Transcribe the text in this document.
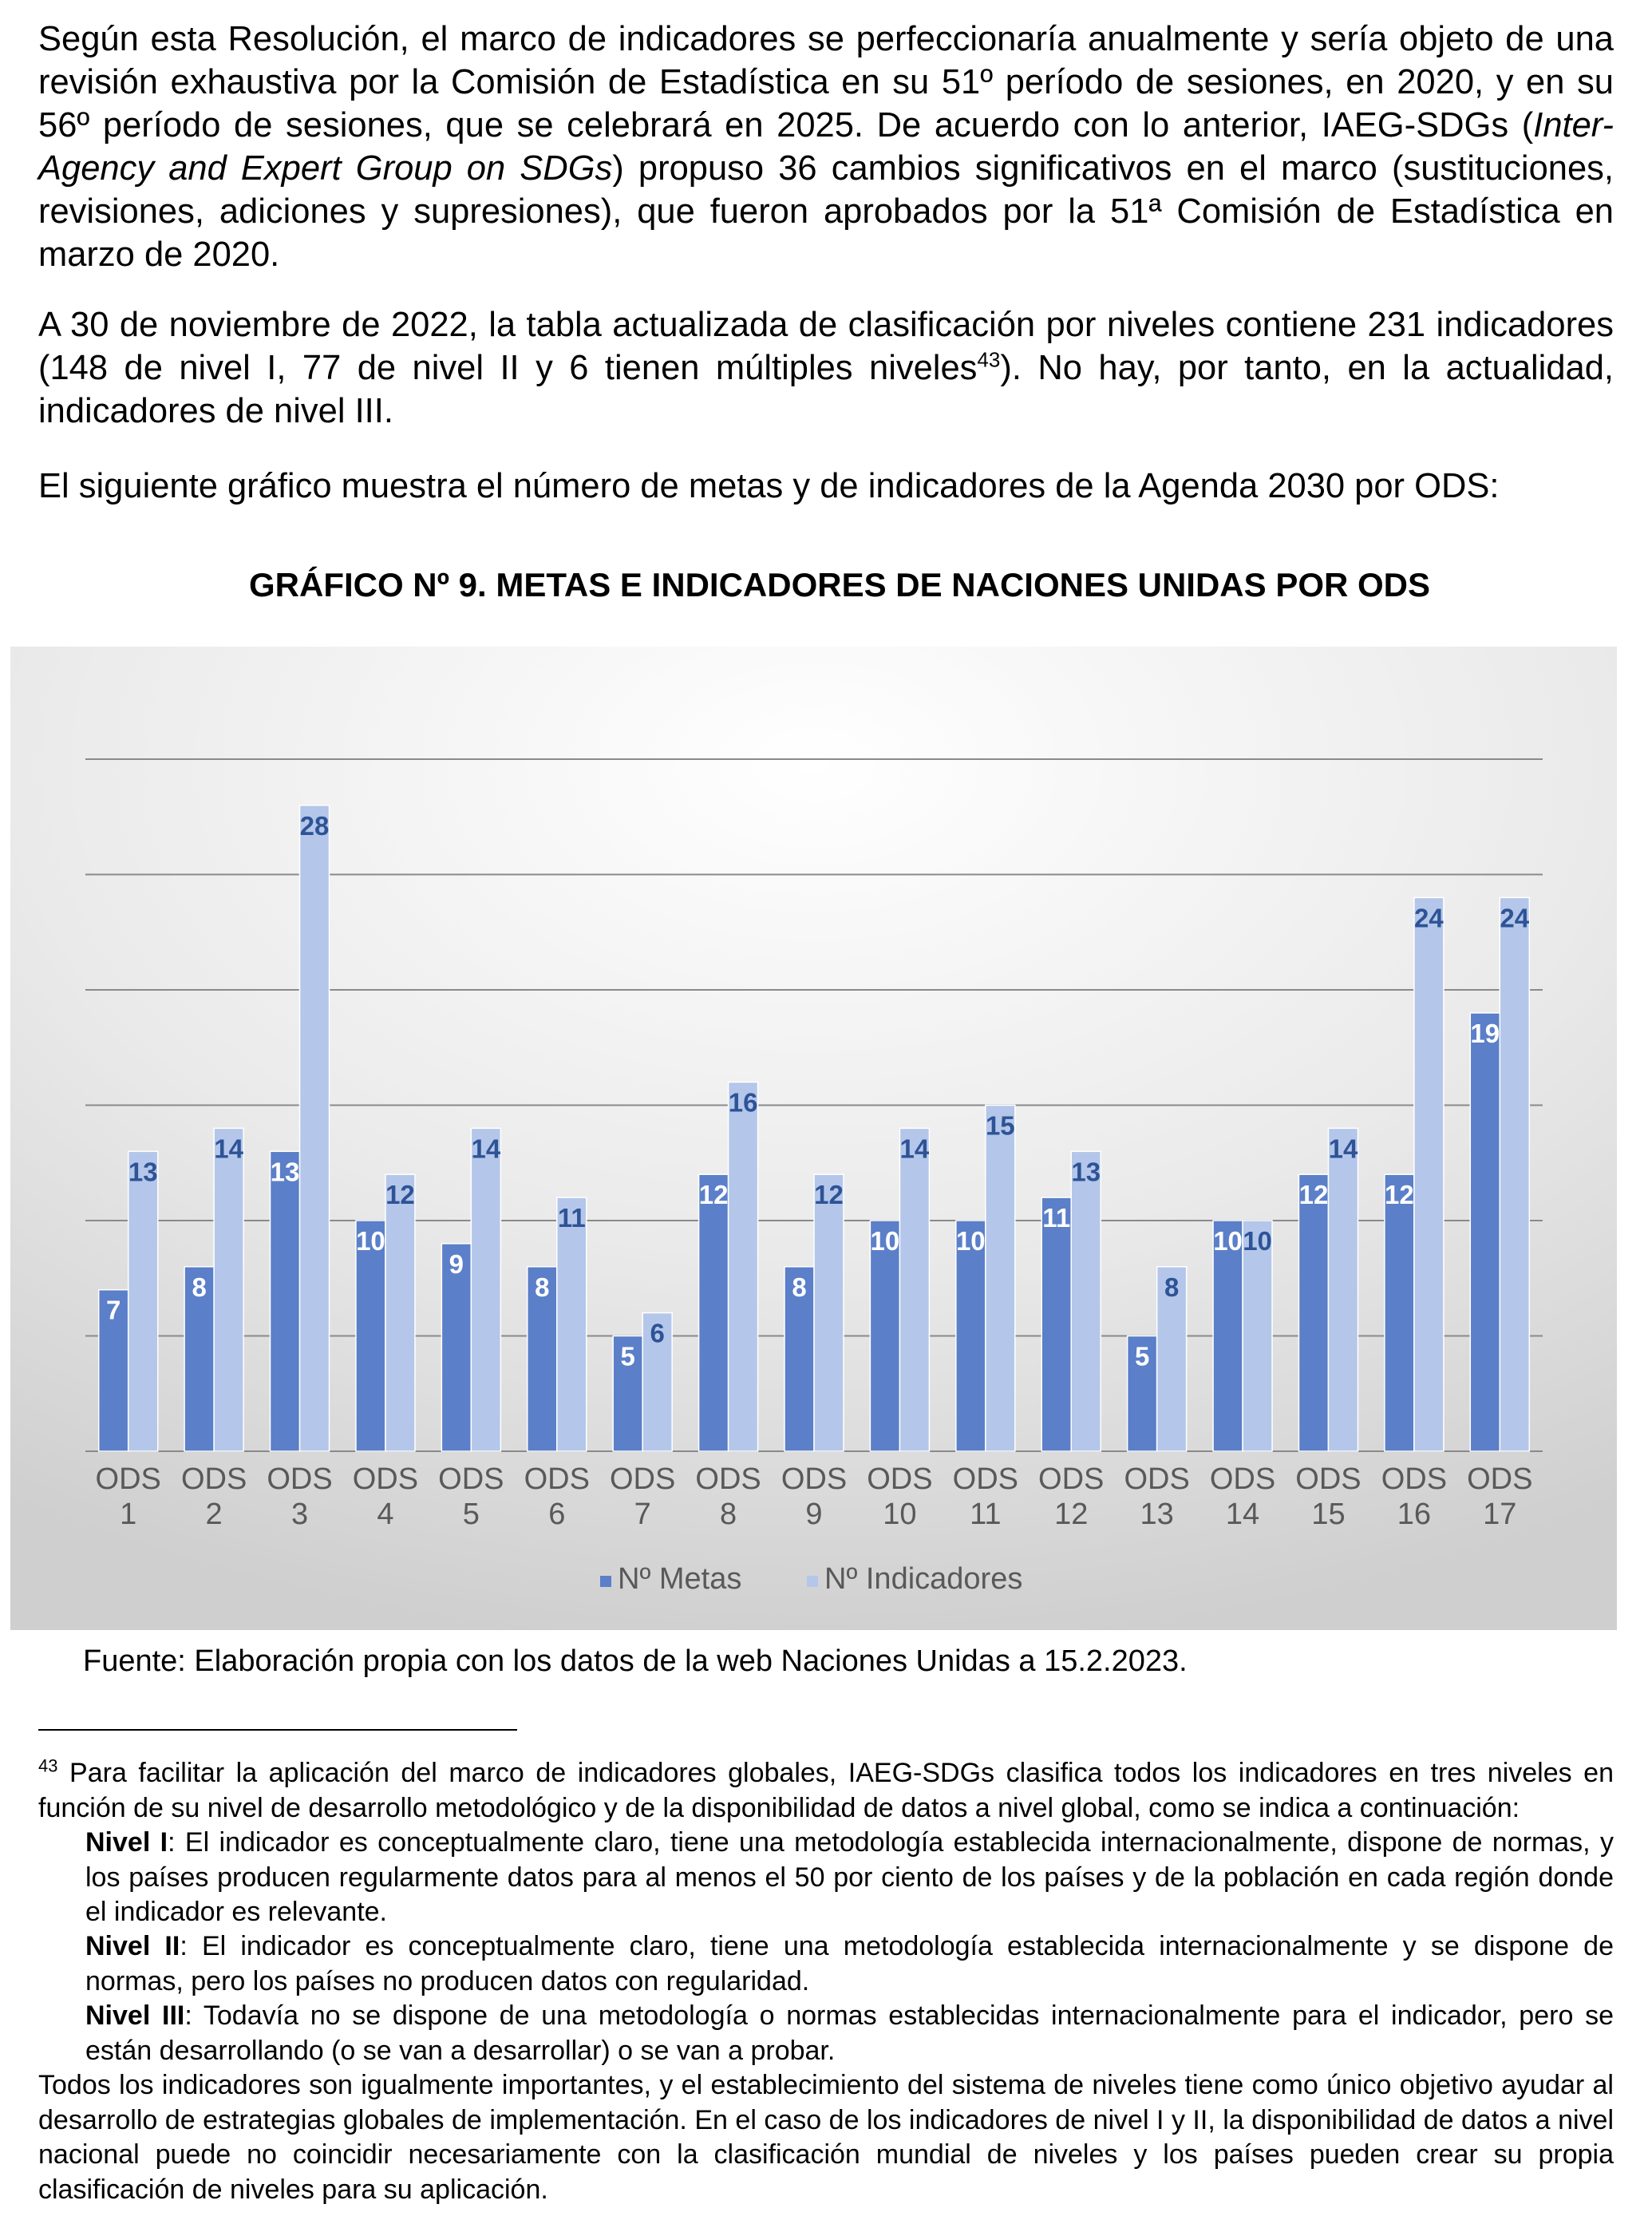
Según esta Resolución, el marco de indicadores se perfeccionaría anualmente y sería objeto de una revisión exhaustiva por la Comisión de Estadística en su 51º período de sesiones, en 2020, y en su 56º período de sesiones, que se celebrará en 2025. De acuerdo con lo anterior, IAEG-SDGs (Inter-Agency and Expert Group on SDGs) propuso 36 cambios significativos en el marco (sustituciones, revisiones, adiciones y supresiones), que fueron aprobados por la 51ª Comisión de Estadística en marzo de 2020.

A 30 de noviembre de 2022, la tabla actualizada de clasificación por niveles contiene 231 indicadores (148 de nivel I, 77 de nivel II y 6 tienen múltiples niveles$^{43}$). No hay, por tanto, en la actualidad, indicadores de nivel III.

El siguiente gráfico muestra el número de metas y de indicadores de la Agenda 2030 por ODS:

GRÁFICO Nº 9. METAS E INDICADORES DE NACIONES UNIDAS POR ODS

7
13
8
14
13
28
10
12
9
14
8
11
5
6
12
16
8
12
10
14
10
15
11
13
5
8
10 10
12
14
12
24
19
24
ODS
1
ODS
2
ODS
3
ODS
4
ODS
5
ODS
6
ODS
7
ODS
8
ODS
9
ODS
10
ODS
11
ODS
12
ODS
13
ODS
14
ODS
15
ODS
16
ODS
17
Nº Metas	Nº Indicadores

Fuente: Elaboración propia con los datos de la web Naciones Unidas a 15.2.2023.

$^{43}$ Para facilitar la aplicación del marco de indicadores globales, IAEG-SDGs clasifica todos los indicadores en tres niveles en función de su nivel de desarrollo metodológico y de la disponibilidad de datos a nivel global, como se indica a continuación:

Nivel I: El indicador es conceptualmente claro, tiene una metodología establecida internacionalmente, dispone de normas, y los países producen regularmente datos para al menos el 50 por ciento de los países y de la población en cada región donde el indicador es relevante.

Nivel II: El indicador es conceptualmente claro, tiene una metodología establecida internacionalmente y se dispone de normas, pero los países no producen datos con regularidad.

Nivel III: Todavía no se dispone de una metodología o normas establecidas internacionalmente para el indicador, pero se están desarrollando (o se van a desarrollar) o se van a probar.

Todos los indicadores son igualmente importantes, y el establecimiento del sistema de niveles tiene como único objetivo ayudar al desarrollo de estrategias globales de implementación. En el caso de los indicadores de nivel I y II, la disponibilidad de datos a nivel nacional puede no coincidir necesariamente con la clasificación mundial de niveles y los países pueden crear su propia clasificación de niveles para su aplicación.
